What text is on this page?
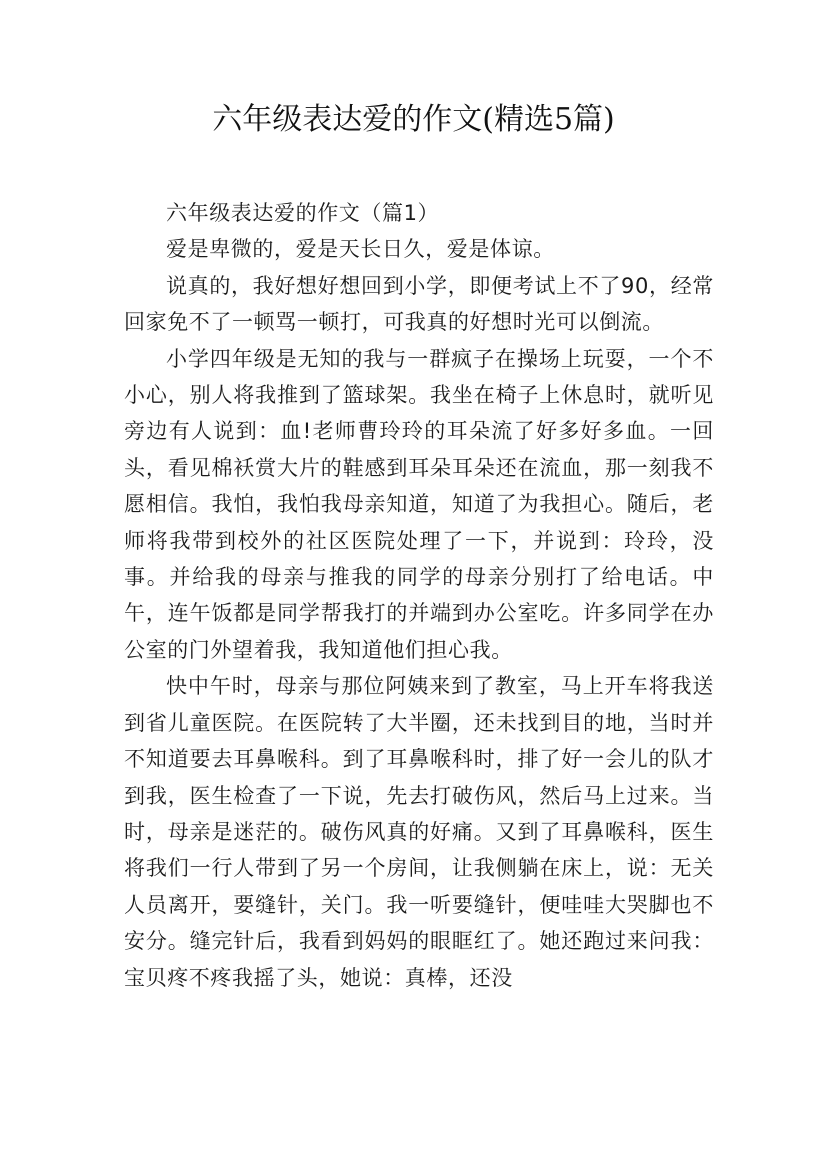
六年级表达爱的作文(精选5篇)

六年级表达爱的作文（篇1）

爱是卑微的，爱是天长日久，爱是体谅。

说真的，我好想好想回到小学，即便考试上不了90，经常回家免不了一顿骂一顿打，可我真的好想时光可以倒流。

小学四年级是无知的我与一群疯子在操场上玩耍，一个不小心，别人将我推到了篮球架。我坐在椅子上休息时，就听见旁边有人说到：血!老师曹玲玲的耳朵流了好多好多血。一回头，看见棉袄赏大片的鞋感到耳朵耳朵还在流血，那一刻我不愿相信。我怕，我怕我母亲知道，知道了为我担心。随后，老师将我带到校外的社区医院处理了一下，并说到：玲玲，没事。并给我的母亲与推我的同学的母亲分别打了给电话。中午，连午饭都是同学帮我打的并端到办公室吃。许多同学在办公室的门外望着我，我知道他们担心我。

快中午时，母亲与那位阿姨来到了教室，马上开车将我送到省儿童医院。在医院转了大半圈，还未找到目的地，当时并不知道要去耳鼻喉科。到了耳鼻喉科时，排了好一会儿的队才到我，医生检查了一下说，先去打破伤风，然后马上过来。当时，母亲是迷茫的。破伤风真的好痛。又到了耳鼻喉科，医生将我们一行人带到了另一个房间，让我侧躺在床上，说：无关人员离开，要缝针，关门。我一听要缝针，便哇哇大哭脚也不安分。缝完针后，我看到妈妈的眼眶红了。她还跑过来问我：宝贝疼不疼我摇了头，她说：真棒，还没
